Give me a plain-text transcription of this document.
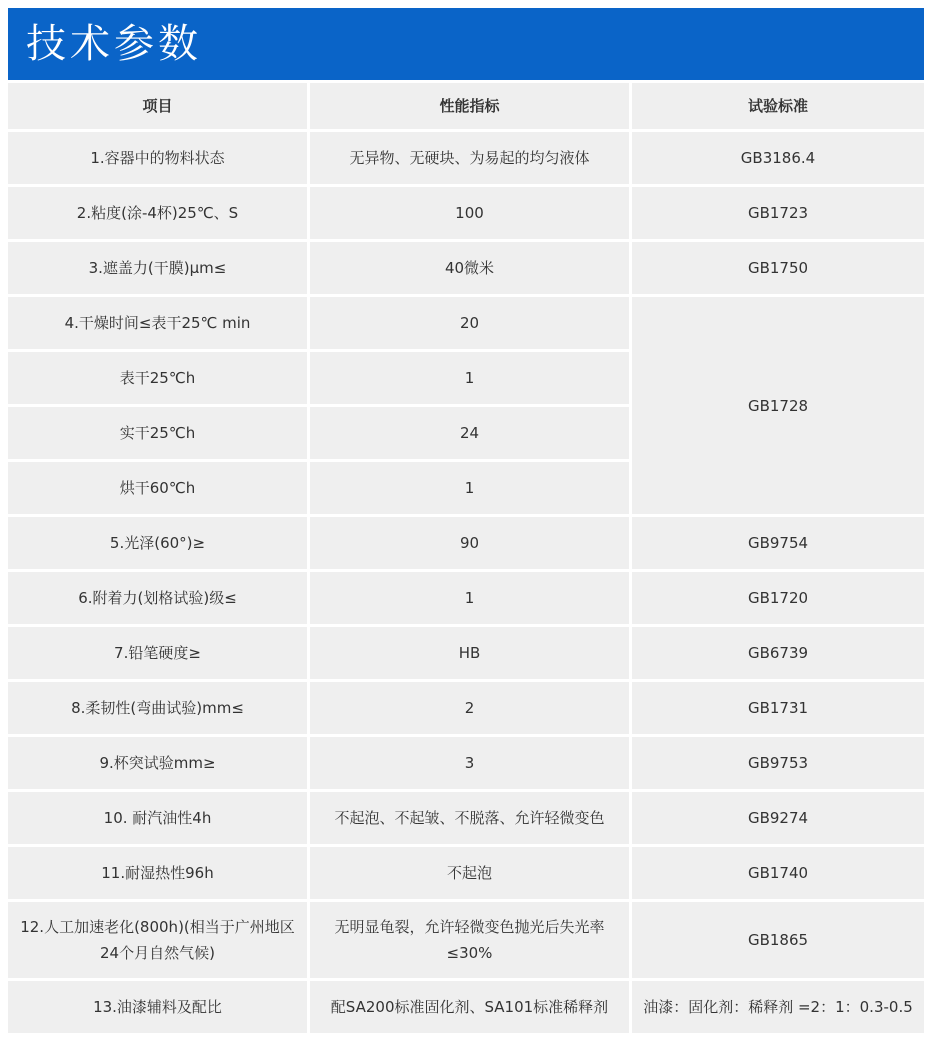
技术参数
项目	性能指标	试验标准
1.容器中的物料状态	无异物、无硬块、为易起的均匀液体	GB3186.4
2.粘度(涂-4杯)25℃、S	100	GB1723
3.遮盖力(干膜)μm≤	40微米	GB1750
4.干燥时间≤表干25℃ min	20	GB1728
表干25℃h	1	
实干25℃h	24	
烘干60℃h	1	
5.光泽(60°)≥	90	GB9754
6.附着力(划格试验)级≤	1	GB1720
7.铅笔硬度≥	HB	GB6739
8.柔韧性(弯曲试验)mm≤	2	GB1731
9.杯突试验mm≥	3	GB9753
10. 耐汽油性4h	不起泡、不起皱、不脱落、允许轻微变色	GB9274
11.耐湿热性96h	不起泡	GB1740
12.人工加速老化(800h)(相当于广州地区24个月自然气候)	无明显龟裂，允许轻微变色抛光后失光率≤30%	GB1865
13.油漆辅料及配比	配SA200标准固化剂、SA101标准稀释剂	油漆：固化剂：稀释剂 =2：1：0.3-0.5
